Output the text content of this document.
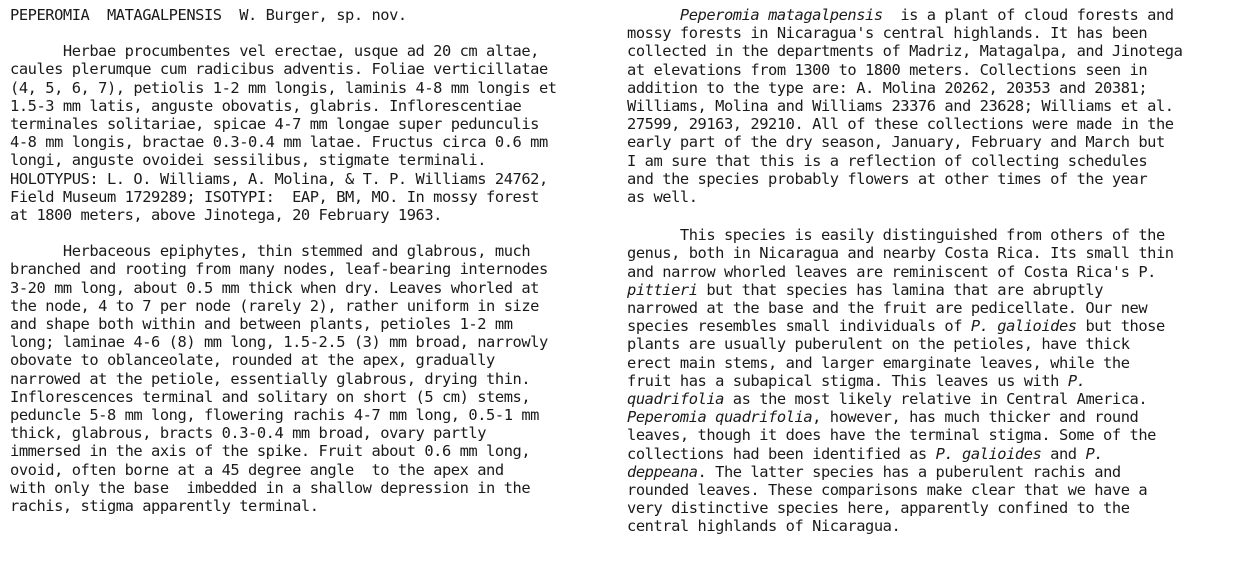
PEPEROMIA  MATAGALPENSIS  W. Burger, sp. nov.
Herbae procumbentes vel erectae, usque ad 20 cm altae,
caules plerumque cum radicibus adventis. Foliae verticillatae
(4, 5, 6, 7), petiolis 1-2 mm longis, laminis 4-8 mm longis et
1.5-3 mm latis, anguste obovatis, glabris. Inflorescentiae
terminales solitariae, spicae 4-7 mm longae super pedunculis
4-8 mm longis, bractae 0.3-0.4 mm latae. Fructus circa 0.6 mm
longi, anguste ovoidei sessilibus, stigmate terminali.
HOLOTYPUS: L. O. Williams, A. Molina, & T. P. Williams 24762,
Field Museum 1729289; ISOTYPI:  EAP, BM, MO. In mossy forest
at 1800 meters, above Jinotega, 20 February 1963.
Herbaceous epiphytes, thin stemmed and glabrous, much
branched and rooting from many nodes, leaf-bearing internodes
3-20 mm long, about 0.5 mm thick when dry. Leaves whorled at
the node, 4 to 7 per node (rarely 2), rather uniform in size
and shape both within and between plants, petioles 1-2 mm
long; laminae 4-6 (8) mm long, 1.5-2.5 (3) mm broad, narrowly
obovate to oblanceolate, rounded at the apex, gradually
narrowed at the petiole, essentially glabrous, drying thin.
Inflorescences terminal and solitary on short (5 cm) stems,
peduncle 5-8 mm long, flowering rachis 4-7 mm long, 0.5-1 mm
thick, glabrous, bracts 0.3-0.4 mm broad, ovary partly
immersed in the axis of the spike. Fruit about 0.6 mm long,
ovoid, often borne at a 45 degree angle  to the apex and
with only the base  imbedded in a shallow depression in the
rachis, stigma apparently terminal.
Peperomia matagalpensis  is a plant of cloud forests and
mossy forests in Nicaragua's central highlands. It has been
collected in the departments of Madriz, Matagalpa, and Jinotega
at elevations from 1300 to 1800 meters. Collections seen in
addition to the type are: A. Molina 20262, 20353 and 20381;
Williams, Molina and Williams 23376 and 23628; Williams et al.
27599, 29163, 29210. All of these collections were made in the
early part of the dry season, January, February and March but
I am sure that this is a reflection of collecting schedules
and the species probably flowers at other times of the year
as well.
This species is easily distinguished from others of the
genus, both in Nicaragua and nearby Costa Rica. Its small thin
and narrow whorled leaves are reminiscent of Costa Rica's P.
pittieri but that species has lamina that are abruptly
narrowed at the base and the fruit are pedicellate. Our new
species resembles small individuals of P. galioides but those
plants are usually puberulent on the petioles, have thick
erect main stems, and larger emarginate leaves, while the
fruit has a subapical stigma. This leaves us with P.
quadrifolia as the most likely relative in Central America.
Peperomia quadrifolia, however, has much thicker and round
leaves, though it does have the terminal stigma. Some of the
collections had been identified as P. galioides and P.
deppeana. The latter species has a puberulent rachis and
rounded leaves. These comparisons make clear that we have a
very distinctive species here, apparently confined to the
central highlands of Nicaragua.
